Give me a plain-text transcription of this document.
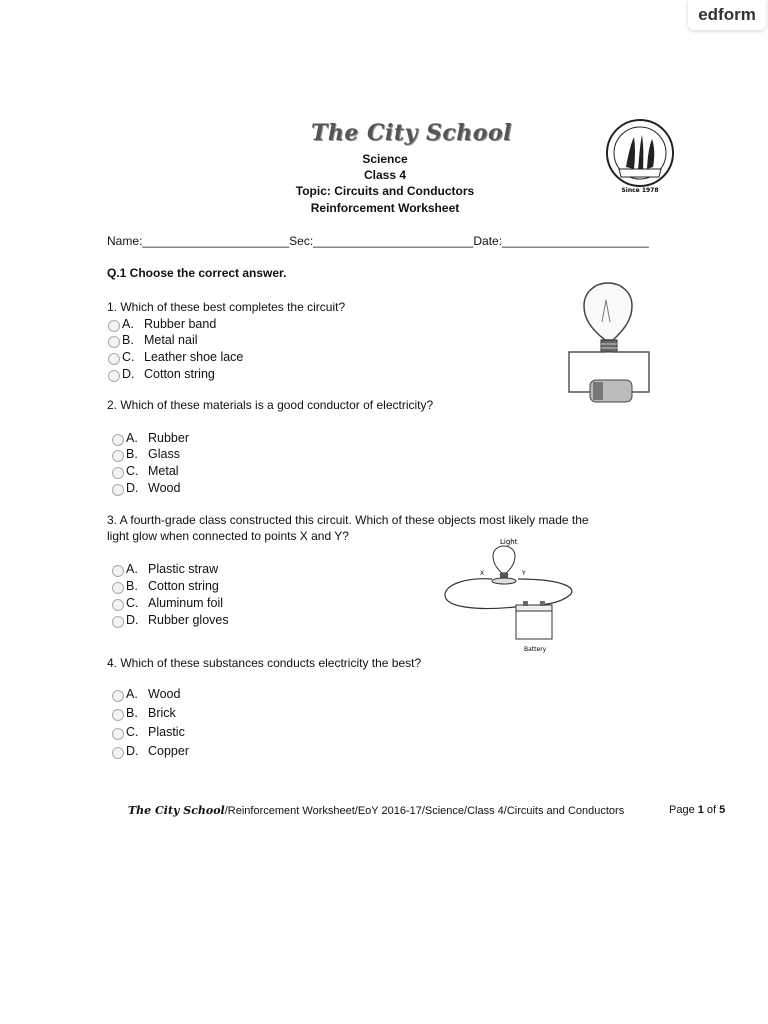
edform
The City School
Since 1978
Science
Class 4
Topic: Circuits and Conductors
Reinforcement Worksheet
Name:______________________Sec:________________________Date:______________________
Q.1 Choose the correct answer.
1. Which of these best completes the circuit?
A. Rubber band
B. Metal nail
C. Leather shoe lace
D. Cotton string
2. Which of these materials is a good conductor of electricity?
A. Rubber
B. Glass
C. Metal
D. Wood
3. A fourth-grade class constructed this circuit. Which of these objects most likely made the
light glow when connected to points X and Y?
A. Plastic straw
B. Cotton string
C. Aluminum foil
D. Rubber gloves
Light
X	Y
Battery
4. Which of these substances conducts electricity the best?
A. Wood
B. Brick
C. Plastic
D. Copper
The City School/Reinforcement Worksheet/EoY 2016-17/Science/Class 4/Circuits and Conductors	Page 1 of 5
